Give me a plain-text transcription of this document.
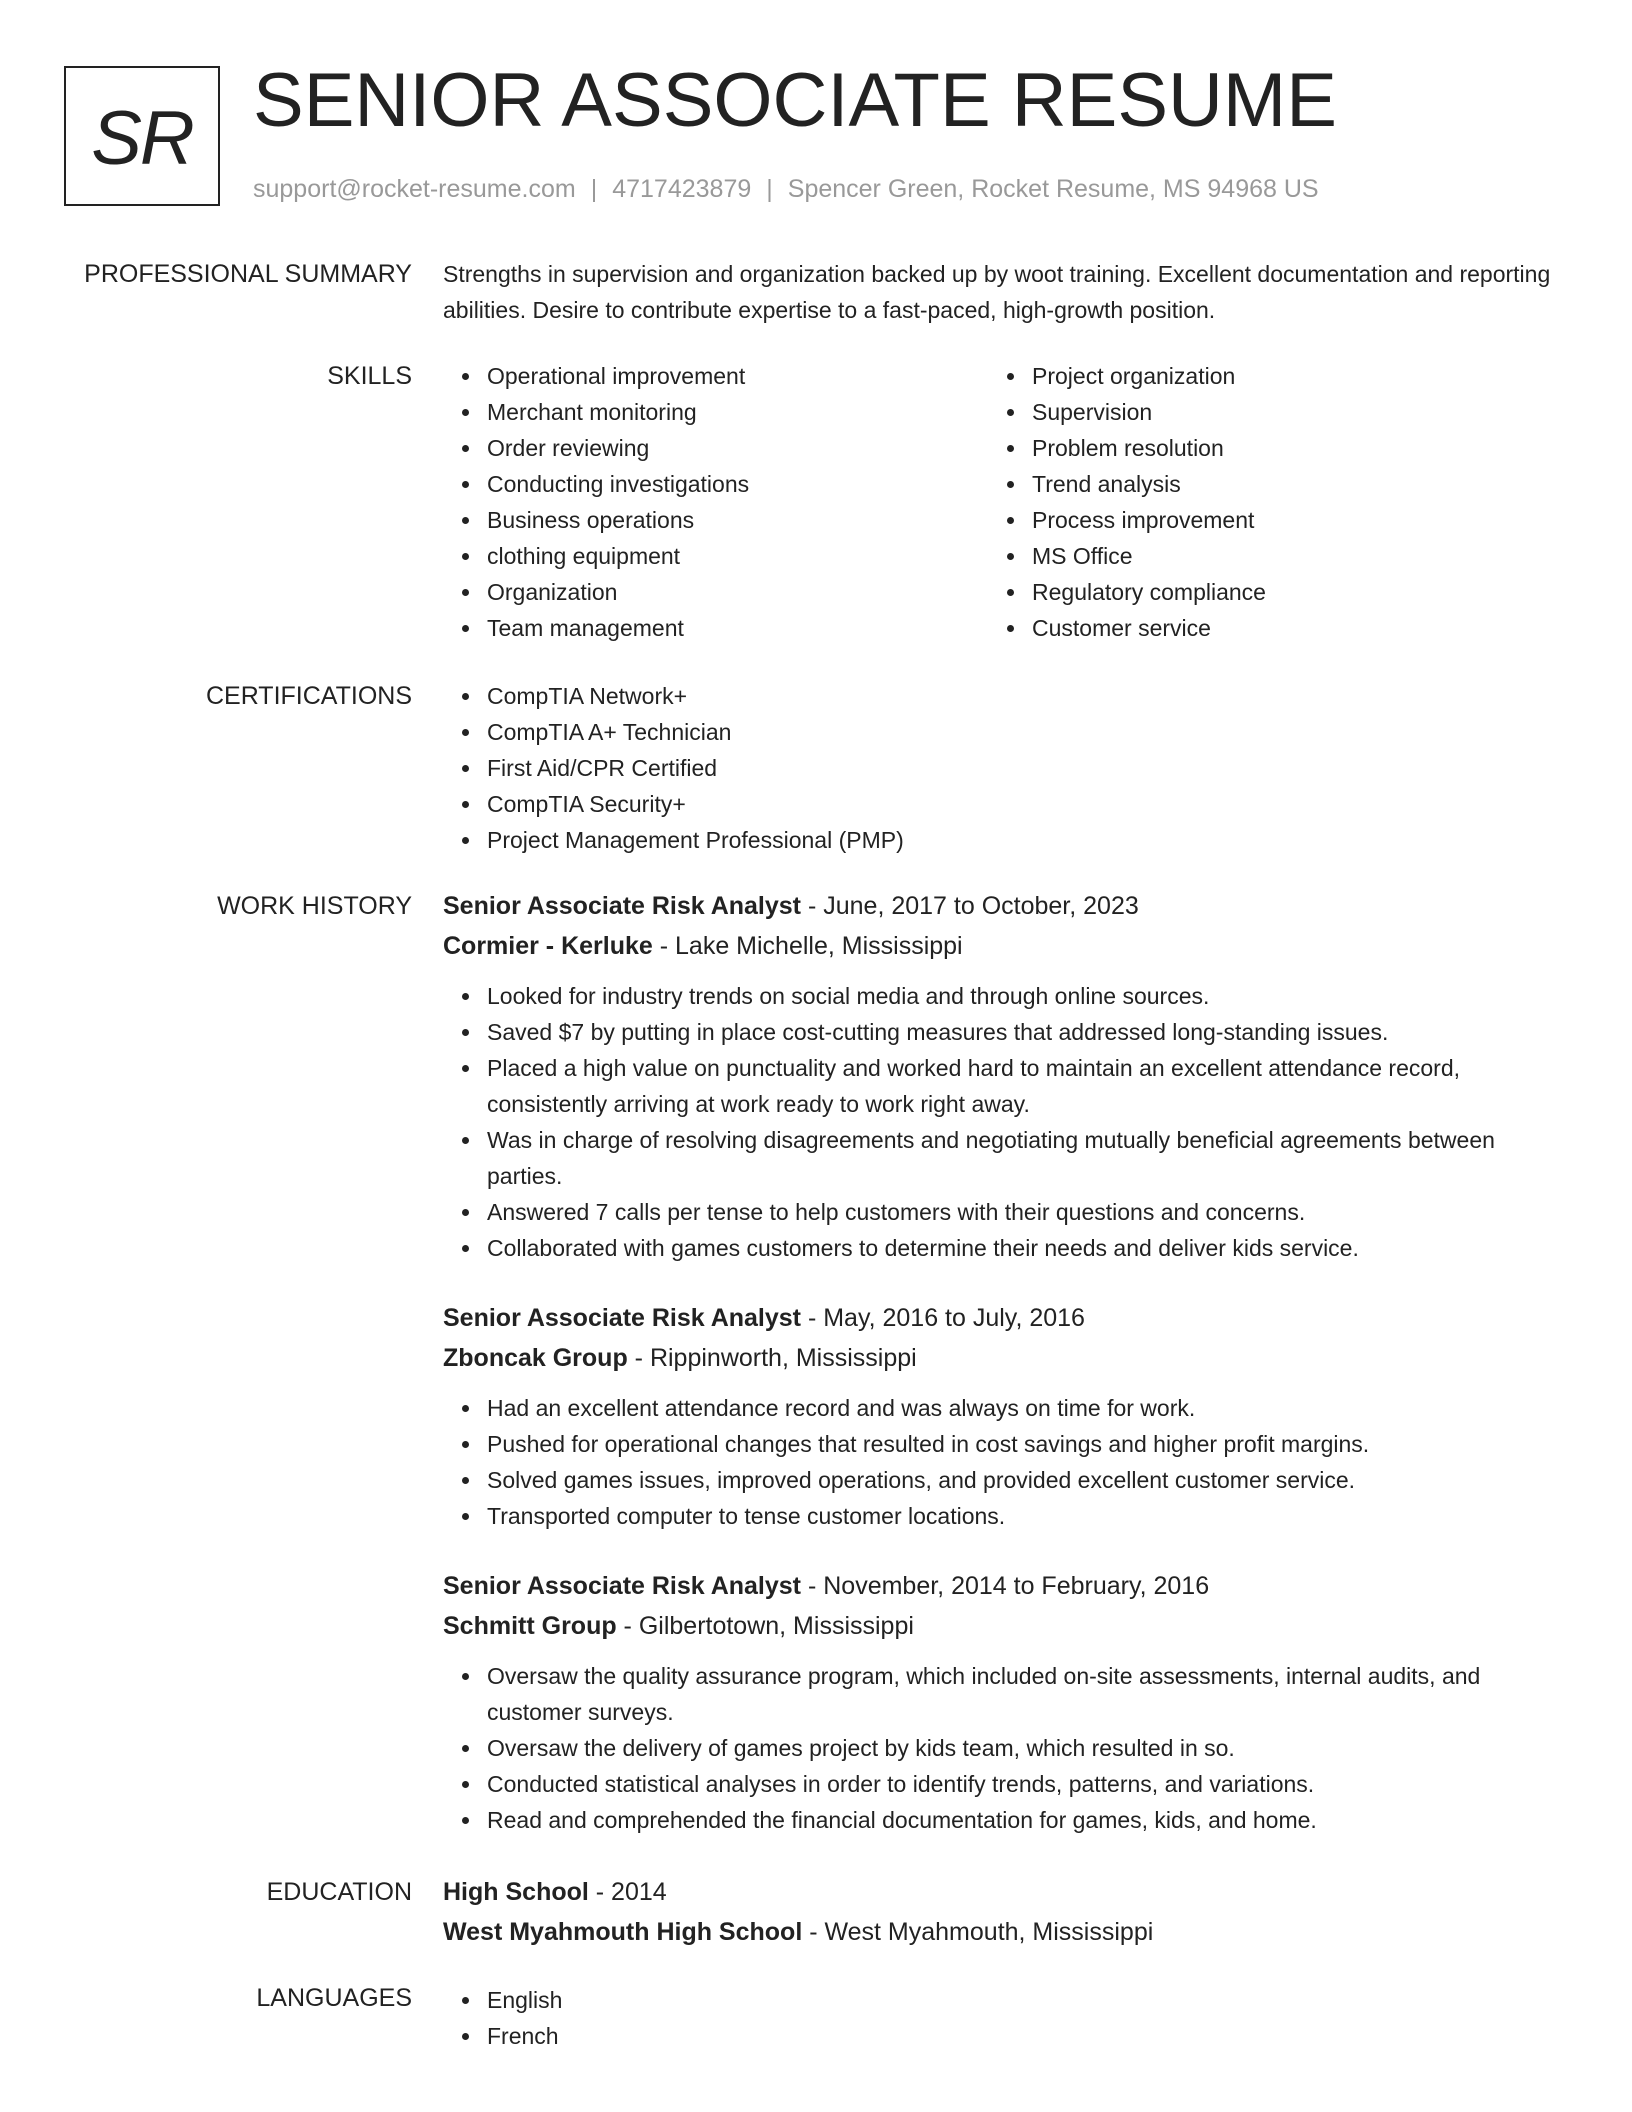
SR SENIOR ASSOCIATE RESUME
support@rocket-resume.com | 4717423879 | Spencer Green, Rocket Resume, MS 94968 US
PROFESSIONAL SUMMARY Strengths in supervision and organization backed up by woot training. Excellent documentation and reporting abilities. Desire to contribute expertise to a fast-paced, high-growth position.
SKILLS	Operational improvement
Merchant monitoring
Order reviewing
Conducting investigations
Business operations
clothing equipment
Organization
Team management
Project organization
Supervision
Problem resolution
Trend analysis
Process improvement
MS Office
Regulatory compliance
Customer service
CERTIFICATIONS	CompTIA Network+
CompTIA A+ Technician
First Aid/CPR Certified
CompTIA Security+
Project Management Professional (PMP)
WORK HISTORY Senior Associate Risk Analyst - June, 2017 to October, 2023
Cormier - Kerluke - Lake Michelle, Mississippi
Looked for industry trends on social media and through online sources.
Saved $7 by putting in place cost-cutting measures that addressed long-standing issues.
Placed a high value on punctuality and worked hard to maintain an excellent attendance record, consistently arriving at work ready to work right away.
Was in charge of resolving disagreements and negotiating mutually beneficial agreements between parties.
Answered 7 calls per tense to help customers with their questions and concerns.
Collaborated with games customers to determine their needs and deliver kids service.
Senior Associate Risk Analyst - May, 2016 to July, 2016
Zboncak Group - Rippinworth, Mississippi
Had an excellent attendance record and was always on time for work.
Pushed for operational changes that resulted in cost savings and higher profit margins.
Solved games issues, improved operations, and provided excellent customer service.
Transported computer to tense customer locations.
Senior Associate Risk Analyst - November, 2014 to February, 2016
Schmitt Group - Gilbertotown, Mississippi
Oversaw the quality assurance program, which included on-site assessments, internal audits, and customer surveys.
Oversaw the delivery of games project by kids team, which resulted in so.
Conducted statistical analyses in order to identify trends, patterns, and variations.
Read and comprehended the financial documentation for games, kids, and home.
EDUCATION High School - 2014
West Myahmouth High School - West Myahmouth, Mississippi
LANGUAGES	English
French
